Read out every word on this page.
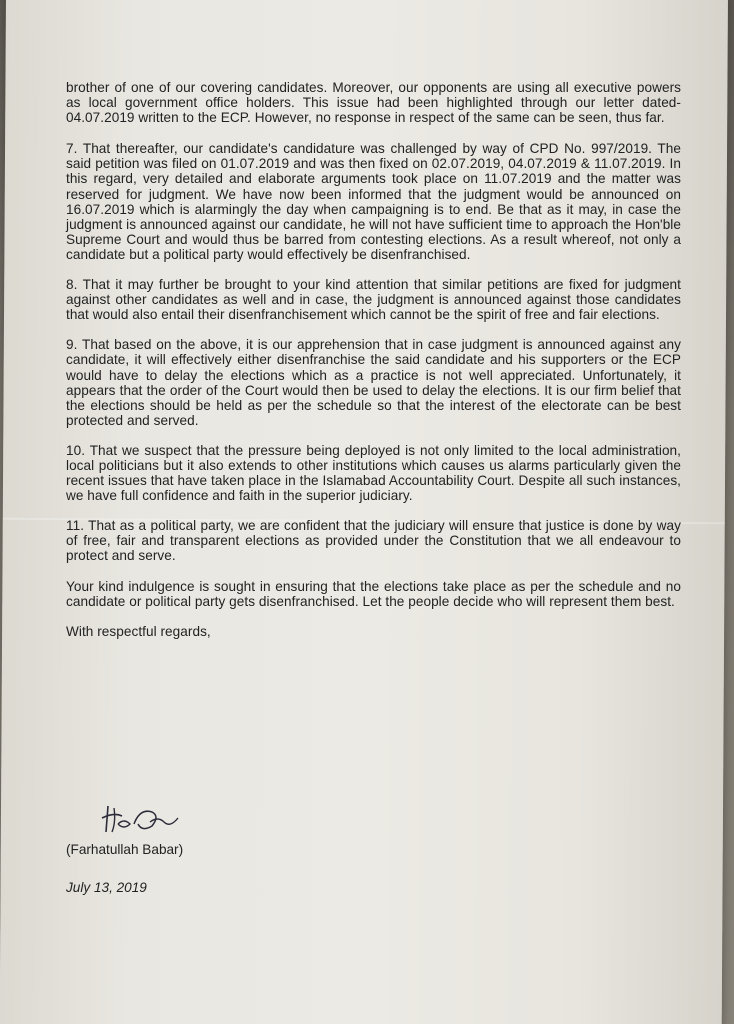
brother of one of our covering candidates. Moreover, our opponents are using all executive powers as local government office holders. This issue had been highlighted through our letter dated-04.07.2019 written to the ECP. However, no response in respect of the same can be seen, thus far.

7. That thereafter, our candidate's candidature was challenged by way of CPD No. 997/2019. The said petition was filed on 01.07.2019 and was then fixed on 02.07.2019, 04.07.2019 & 11.07.2019. In this regard, very detailed and elaborate arguments took place on 11.07.2019 and the matter was reserved for judgment. We have now been informed that the judgment would be announced on 16.07.2019 which is alarmingly the day when campaigning is to end. Be that as it may, in case the judgment is announced against our candidate, he will not have sufficient time to approach the Hon'ble Supreme Court and would thus be barred from contesting elections. As a result whereof, not only a candidate but a political party would effectively be disenfranchised.

8. That it may further be brought to your kind attention that similar petitions are fixed for judgment against other candidates as well and in case, the judgment is announced against those candidates that would also entail their disenfranchisement which cannot be the spirit of free and fair elections.

9. That based on the above, it is our apprehension that in case judgment is announced against any candidate, it will effectively either disenfranchise the said candidate and his supporters or the ECP would have to delay the elections which as a practice is not well appreciated. Unfortunately, it appears that the order of the Court would then be used to delay the elections. It is our firm belief that the elections should be held as per the schedule so that the interest of the electorate can be best protected and served.

10. That we suspect that the pressure being deployed is not only limited to the local administration, local politicians but it also extends to other institutions which causes us alarms particularly given the recent issues that have taken place in the Islamabad Accountability Court. Despite all such instances, we have full confidence and faith in the superior judiciary.

11. That as a political party, we are confident that the judiciary will ensure that justice is done by way of free, fair and transparent elections as provided under the Constitution that we all endeavour to protect and serve.

Your kind indulgence is sought in ensuring that the elections take place as per the schedule and no candidate or political party gets disenfranchised. Let the people decide who will represent them best.

With respectful regards,

(Farhatullah Babar)
July 13, 2019
